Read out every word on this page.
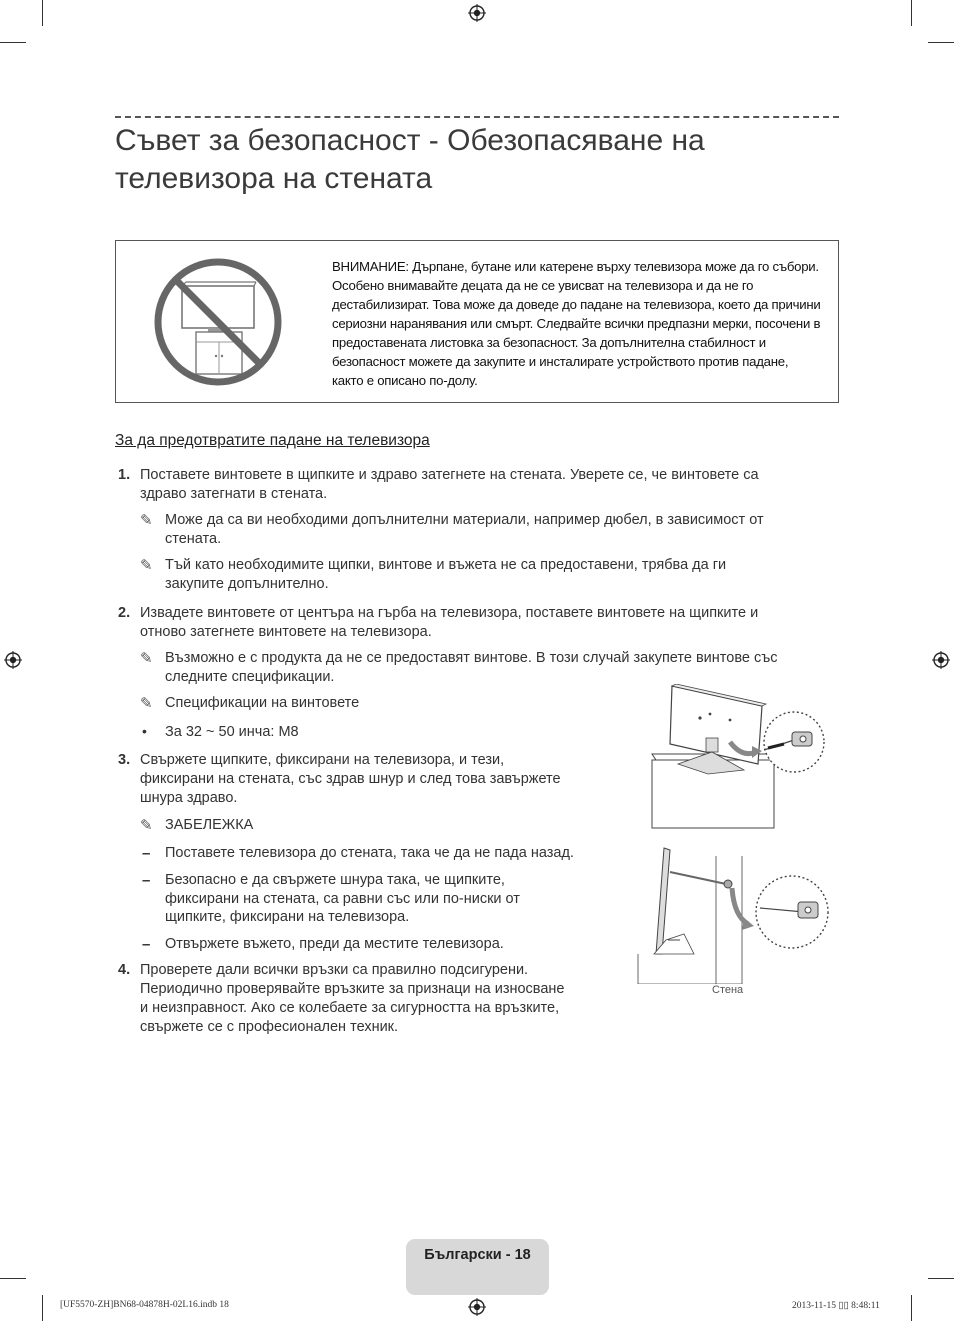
Съвет за безопасност - Обезопасяване на телевизора на стената
ВНИМАНИЕ: Дърпане, бутане или катерене върху телевизора може да го събори. Особено внимавайте децата да не се увисват на телевизора и да не го дестабилизират. Това може да доведе до падане на телевизора, което да причини сериозни наранявания или смърт. Следвайте всички предпазни мерки, посочени в предоставената листовка за безопасност. За допълнителна стабилност и безопасност можете да закупите и инсталирате устройството против падане, както е описано по-долу.
За да предотвратите падане на телевизора
1. Поставете винтовете в щипките и здраво затегнете на стената. Уверете се, че винтовете са
здраво затегнати в стената.
✎ Може да са ви необходими допълнителни материали, например дюбел, в зависимост от
стената.
✎ Тъй като необходимите щипки, винтове и въжета не са предоставени, трябва да ги
закупите допълнително.
2. Извадете винтовете от центъра на гърба на телевизора, поставете винтовете на щипките и
отново затегнете винтовете на телевизора.
✎ Възможно е с продукта да не се предоставят винтове. В този случай закупете винтове със
следните спецификации.
✎ Спецификации на винтовете
• За 32 ~ 50 инча: M8
3. Свържете щипките, фиксирани на телевизора, и тези,
фиксирани на стената, със здрав шнур и след това завържете
шнура здраво.
✎ ЗАБЕЛЕЖКА
– Поставете телевизора до стената, така че да не пада назад.
– Безопасно е да свържете шнура така, че щипките,
фиксирани на стената, са равни със или по-ниски от
щипките, фиксирани на телевизора.
– Отвържете въжето, преди да местите телевизора.
4. Проверете дали всички връзки са правилно подсигурени.
Периодично проверявайте връзките за признаци на износване
и неизправност. Ако се колебаете за сигурността на връзките,
свържете се с професионален техник.
Стена
Български - 18
[UF5570-ZH]BN68-04878H-02L16.indb 18	2013-11-15 ▯▯ 8:48:11
